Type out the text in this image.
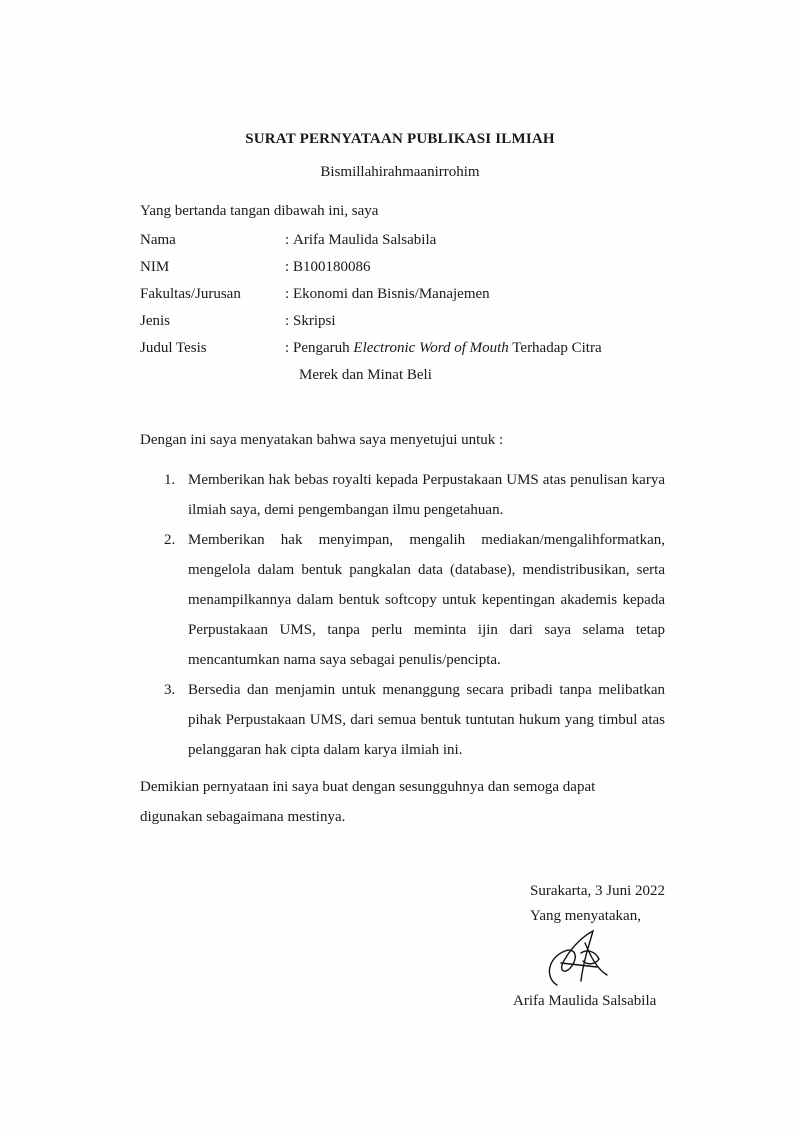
SURAT PERNYATAAN PUBLIKASI ILMIAH
Bismillahirahmaanirrohim
Yang bertanda tangan dibawah ini, saya
Nama	: Arifa Maulida Salsabila
NIM	: B100180086
Fakultas/Jurusan	: Ekonomi dan Bisnis/Manajemen
Jenis	: Skripsi
Judul Tesis	: Pengaruh Electronic Word of Mouth Terhadap Citra
Merek dan Minat Beli
Dengan ini saya menyatakan bahwa saya menyetujui untuk :
1. Memberikan hak bebas royalti kepada Perpustakaan UMS atas penulisan karya ilmiah saya, demi pengembangan ilmu pengetahuan.
2. Memberikan hak menyimpan, mengalih mediakan/mengalihformatkan, mengelola dalam bentuk pangkalan data (database), mendistribusikan, serta menampilkannya dalam bentuk softcopy untuk kepentingan akademis kepada Perpustakaan UMS, tanpa perlu meminta ijin dari saya selama tetap mencantumkan nama saya sebagai penulis/pencipta.
3. Bersedia dan menjamin untuk menanggung secara pribadi tanpa melibatkan pihak Perpustakaan UMS, dari semua bentuk tuntutan hukum yang timbul atas pelanggaran hak cipta dalam karya ilmiah ini.
Demikian pernyataan ini saya buat dengan sesungguhnya dan semoga dapat digunakan sebagaimana mestinya.
Surakarta, 3 Juni 2022
Yang menyatakan,
Arifa Maulida Salsabila
